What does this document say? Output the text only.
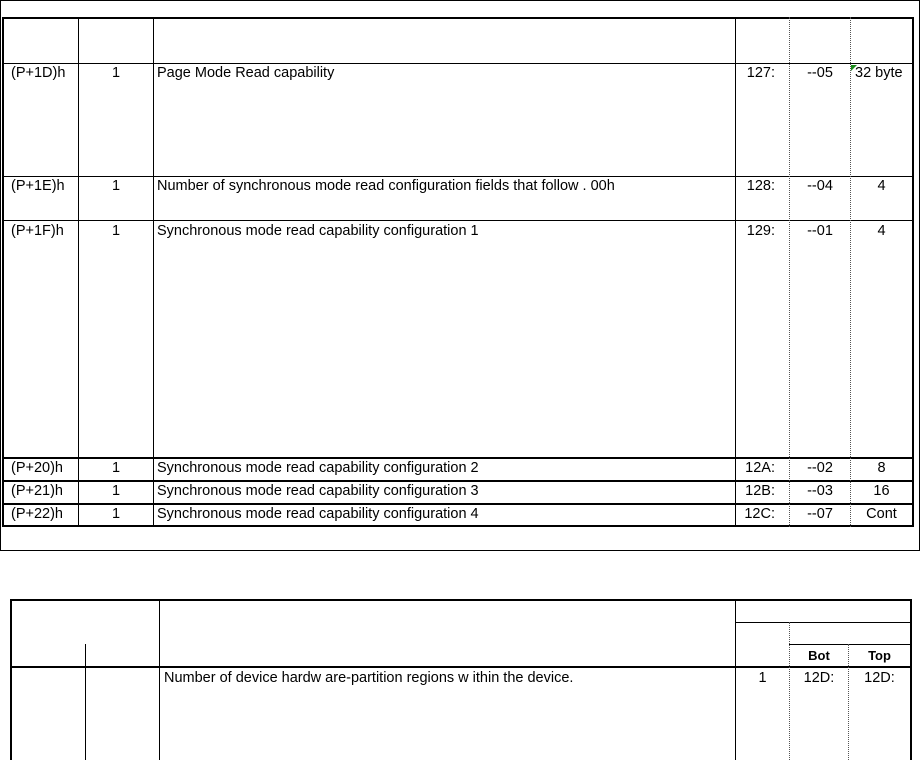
(P+1D)h	1	Page Mode Read capability	127:	--05	32 byte
(P+1E)h	1	Number of synchronous mode read configuration fields that follow . 00h	128:	--04	4
(P+1F)h	1	Synchronous mode read capability configuration 1	129:	--01	4
(P+20)h	1	Synchronous mode read capability configuration 2	12A:	--02	8
(P+21)h	1	Synchronous mode read capability configuration 3	12B:	--03	16
(P+22)h	1	Synchronous mode read capability configuration 4	12C:	--07	Cont
Bot	Top
Number of device hardw are-partition regions w ithin the device.	1	12D:	12D:
